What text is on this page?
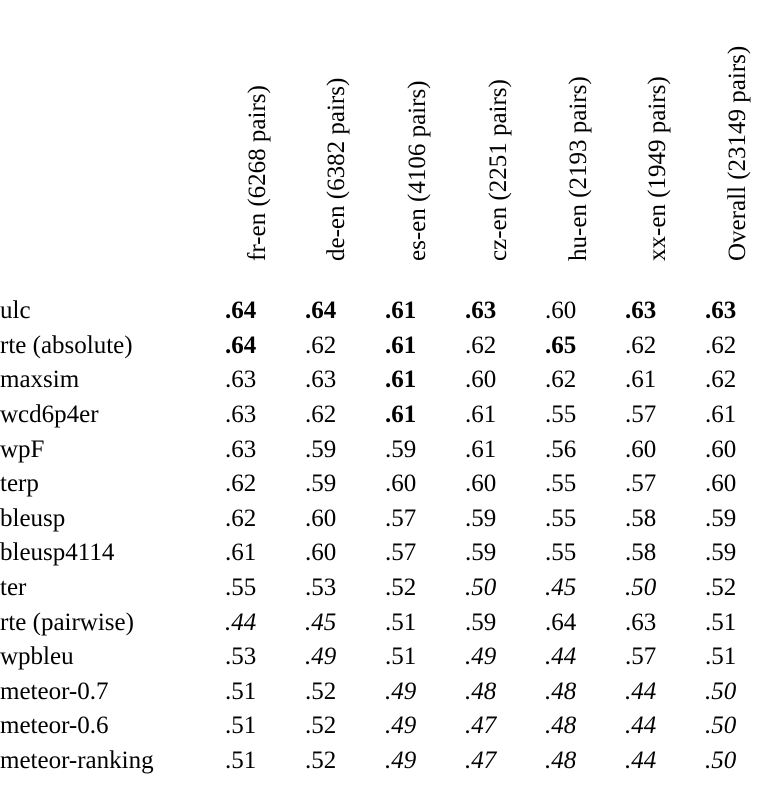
fr-en (6268 pairs) de-en (6382 pairs) es-en (4106 pairs) cz-en (2251 pairs) hu-en (2193 pairs) xx-en (1949 pairs) Overall (23149 pairs)
ulc	.64	.64	.61	.63	.60	.63	.63
rte (absolute)	.64	.62	.61	.62	.65	.62	.62
maxsim	.63	.63	.61	.60	.62	.61	.62
wcd6p4er	.63	.62	.61	.61	.55	.57	.61
wpF	.63	.59	.59	.61	.56	.60	.60
terp	.62	.59	.60	.60	.55	.57	.60
bleusp	.62	.60	.57	.59	.55	.58	.59
bleusp4114	.61	.60	.57	.59	.55	.58	.59
ter	.55	.53	.52	.50	.45	.50	.52
rte (pairwise)	.44	.45	.51	.59	.64	.63	.51
wpbleu	.53	.49	.51	.49	.44	.57	.51
meteor-0.7	.51	.52	.49	.48	.48	.44	.50
meteor-0.6	.51	.52	.49	.47	.48	.44	.50
meteor-ranking	.51	.52	.49	.47	.48	.44	.50
